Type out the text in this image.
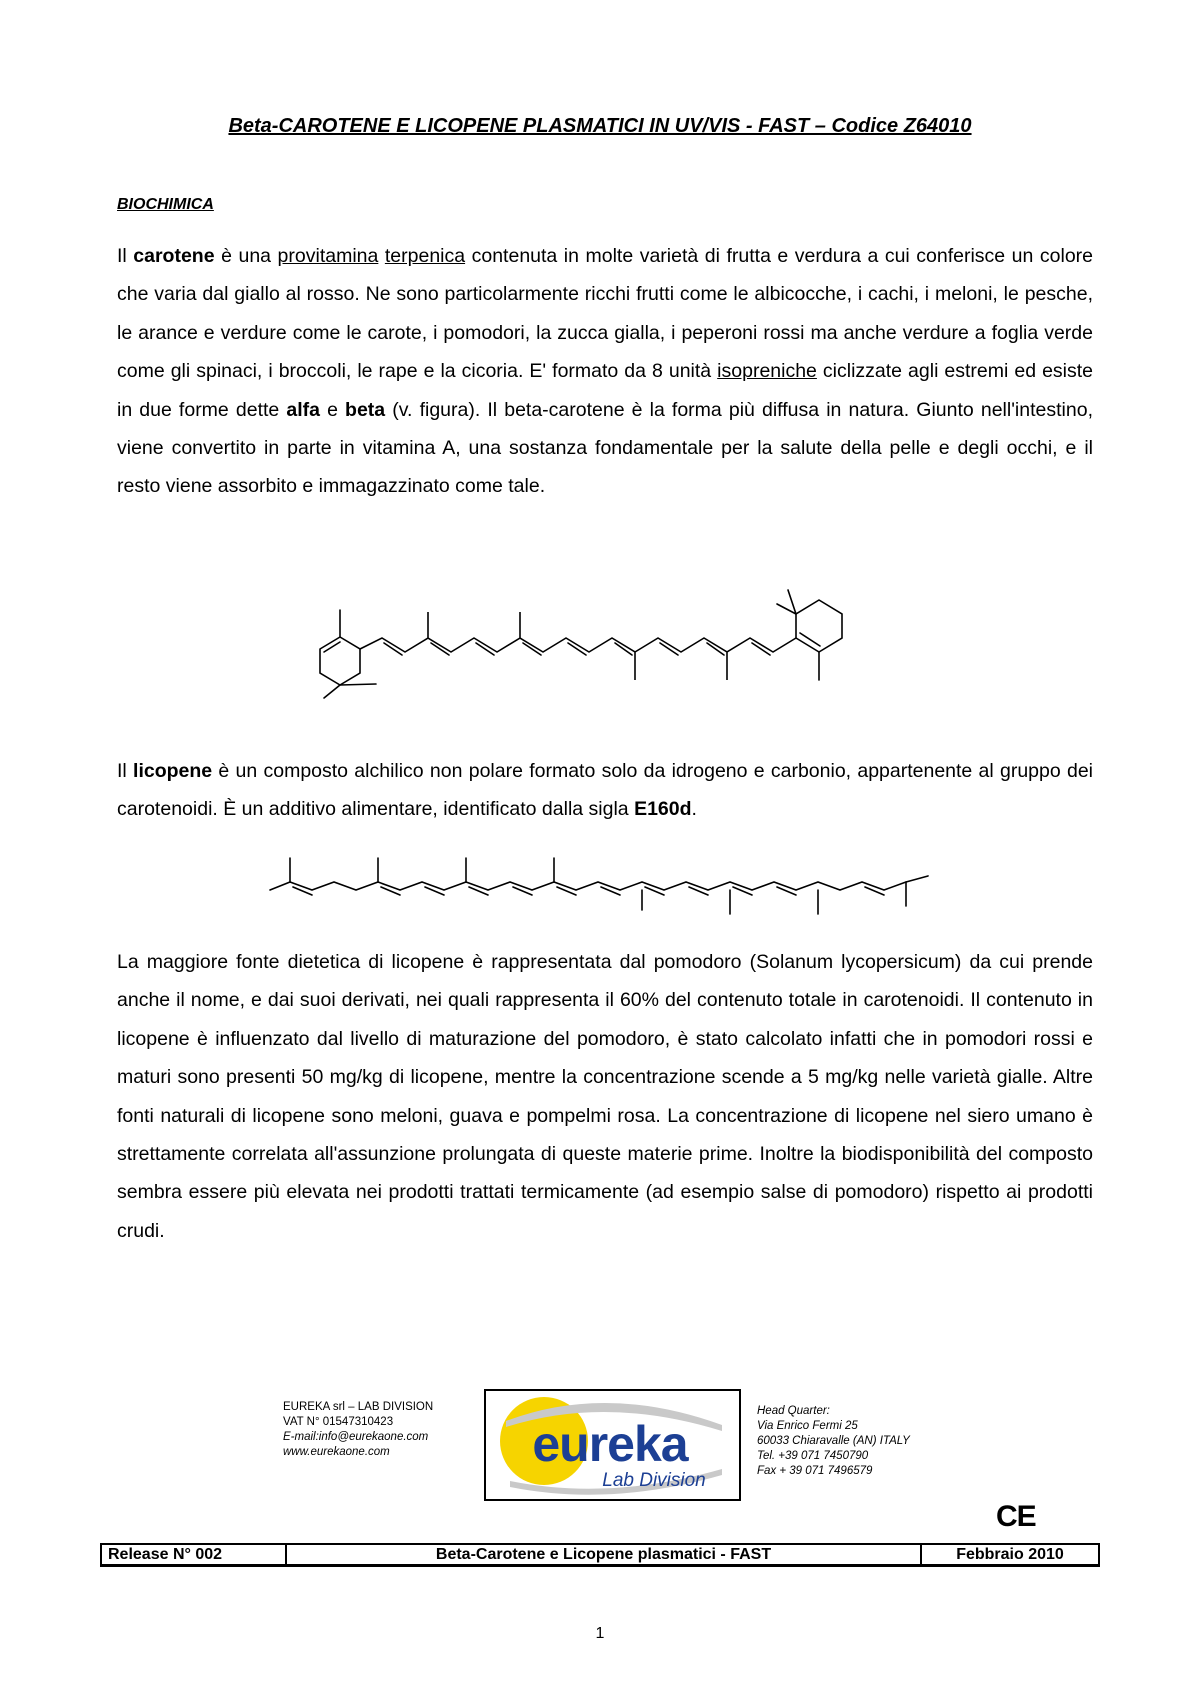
Beta-CAROTENE E LICOPENE PLASMATICI IN UV/VIS - FAST – Codice Z64010
BIOCHIMICA

Il carotene è una provitamina terpenica contenuta in molte varietà di frutta e verdura a cui conferisce un colore che varia dal giallo al rosso. Ne sono particolarmente ricchi frutti come le albicocche, i cachi, i meloni, le pesche, le arance e verdure come le carote, i pomodori, la zucca gialla, i peperoni rossi ma anche verdure a foglia verde come gli spinaci, i broccoli, le rape e la cicoria. E' formato da 8 unità isopreniche ciclizzate agli estremi ed esiste in due forme dette alfa e beta (v. figura). Il beta-carotene è la forma più diffusa in natura. Giunto nell'intestino, viene convertito in parte in vitamina A, una sostanza fondamentale per la salute della pelle e degli occhi, e il resto viene assorbito e immagazzinato come tale.

Il licopene è un composto alchilico non polare formato solo da idrogeno e carbonio, appartenente al gruppo dei carotenoidi. È un additivo alimentare, identificato dalla sigla E160d.

La maggiore fonte dietetica di licopene è rappresentata dal pomodoro (Solanum lycopersicum) da cui prende anche il nome, e dai suoi derivati, nei quali rappresenta il 60% del contenuto totale in carotenoidi. Il contenuto in licopene è influenzato dal livello di maturazione del pomodoro, è stato calcolato infatti che in pomodori rossi e maturi sono presenti 50 mg/kg di licopene, mentre la concentrazione scende a 5 mg/kg nelle varietà gialle. Altre fonti naturali di licopene sono meloni, guava e pompelmi rosa. La concentrazione di licopene nel siero umano è strettamente correlata all'assunzione prolungata di queste materie prime. Inoltre la biodisponibilità del composto sembra essere più elevata nei prodotti trattati termicamente (ad esempio salse di pomodoro) rispetto ai prodotti crudi.

EUREKA srl – LAB DIVISION
VAT N° 01547310423
E-mail:info@eurekaone.com
www.eurekaone.com	eureka
Lab Division
Head Quarter:
Via Enrico Fermi 25
60033 Chiaravalle (AN) ITALY
Tel. +39 071 7450790
Fax + 39 071 7496579
CE
Release N° 002	Beta-Carotene e Licopene plasmatici - FAST	Febbraio 2010
1
